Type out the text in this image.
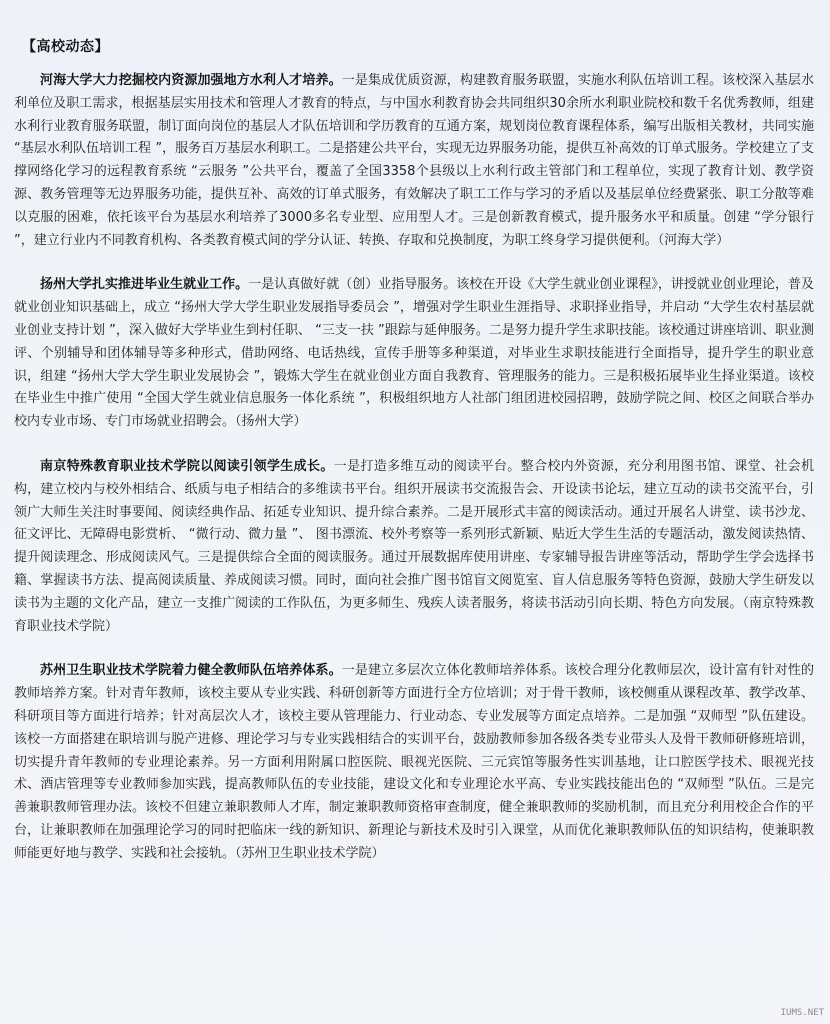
【高校动态】

河海大学大力挖掘校内资源加强地方水利人才培养。一是集成优质资源，构建教育服务联盟，实施水利队伍培训工程。该校深入基层水利单位及职工需求，根据基层实用技术和管理人才教育的特点，与中国水利教育协会共同组织30余所水利职业院校和数千名优秀教师，组建水利行业教育服务联盟，制订面向岗位的基层人才队伍培训和学历教育的互通方案，规划岗位教育课程体系，编写出版相关教材，共同实施 “基层水利队伍培训工程 ”，服务百万基层水利职工。二是搭建公共平台，实现无边界服务功能，提供互补高效的订单式服务。学校建立了支撑网络化学习的远程教育系统 “云服务 ”公共平台，覆盖了全国3358个县级以上水利行政主管部门和工程单位，实现了教育计划、教学资源、教务管理等无边界服务功能，提供互补、高效的订单式服务，有效解决了职工工作与学习的矛盾以及基层单位经费紧张、职工分散等难以克服的困难，依托该平台为基层水利培养了3000多名专业型、应用型人才。三是创新教育模式，提升服务水平和质量。创建 “学分银行 ”，建立行业内不同教育机构、各类教育模式间的学分认证、转换、存取和兑换制度，为职工终身学习提供便利。（河海大学）

扬州大学扎实推进毕业生就业工作。一是认真做好就（创）业指导服务。该校在开设《大学生就业创业课程》，讲授就业创业理论，普及就业创业知识基础上，成立 “扬州大学大学生职业发展指导委员会 ”，增强对学生职业生涯指导、求职择业指导，并启动 “大学生农村基层就业创业支持计划 ”，深入做好大学毕业生到村任职、 “三支一扶 ”跟踪与延伸服务。二是努力提升学生求职技能。该校通过讲座培训、职业测评、个别辅导和团体辅导等多种形式，借助网络、电话热线，宣传手册等多种渠道，对毕业生求职技能进行全面指导，提升学生的职业意识，组建 “扬州大学大学生职业发展协会 ”，锻炼大学生在就业创业方面自我教育、管理服务的能力。三是积极拓展毕业生择业渠道。该校在毕业生中推广使用 “全国大学生就业信息服务一体化系统 ”，积极组织地方人社部门组团进校园招聘，鼓励学院之间、校区之间联合举办校内专业市场、专门市场就业招聘会。（扬州大学）

南京特殊教育职业技术学院以阅读引领学生成长。一是打造多维互动的阅读平台。整合校内外资源，充分利用图书馆、课堂、社会机构，建立校内与校外相结合、纸质与电子相结合的多维读书平台。组织开展读书交流报告会、开设读书论坛，建立互动的读书交流平台，引领广大师生关注时事要闻、阅读经典作品、拓延专业知识、提升综合素养。二是开展形式丰富的阅读活动。通过开展名人讲堂、读书沙龙、征文评比、无障碍电影赏析、 “微行动、微力量 ”、 图书漂流、校外考察等一系列形式新颖、贴近大学生生活的专题活动，激发阅读热情、提升阅读理念、形成阅读风气。三是提供综合全面的阅读服务。通过开展数据库使用讲座、专家辅导报告讲座等活动，帮助学生学会选择书籍、掌握读书方法、提高阅读质量、养成阅读习惯。同时，面向社会推广图书馆盲文阅览室、盲人信息服务等特色资源，鼓励大学生研发以读书为主题的文化产品，建立一支推广阅读的工作队伍，为更多师生、残疾人读者服务，将读书活动引向长期、特色方向发展。（南京特殊教育职业技术学院）

苏州卫生职业技术学院着力健全教师队伍培养体系。一是建立多层次立体化教师培养体系。该校合理分化教师层次，设计富有针对性的教师培养方案。针对青年教师，该校主要从专业实践、科研创新等方面进行全方位培训；对于骨干教师，该校侧重从课程改革、教学改革、科研项目等方面进行培养；针对高层次人才，该校主要从管理能力、行业动态、专业发展等方面定点培养。二是加强 “双师型 ”队伍建设。该校一方面搭建在职培训与脱产进修、理论学习与专业实践相结合的实训平台，鼓励教师参加各级各类专业带头人及骨干教师研修班培训，切实提升青年教师的专业理论素养。另一方面利用附属口腔医院、眼视光医院、三元宾馆等服务性实训基地，让口腔医学技术、眼视光技术、酒店管理等专业教师参加实践，提高教师队伍的专业技能，建设文化和专业理论水平高、专业实践技能出色的 “双师型 ”队伍。三是完善兼职教师管理办法。该校不但建立兼职教师人才库，制定兼职教师资格审查制度，健全兼职教师的奖励机制，而且充分利用校企合作的平台，让兼职教师在加强理论学习的同时把临床一线的新知识、新理论与新技术及时引入课堂，从而优化兼职教师队伍的知识结构，使兼职教师能更好地与教学、实践和社会接轨。（苏州卫生职业技术学院）

IUMS.NET
